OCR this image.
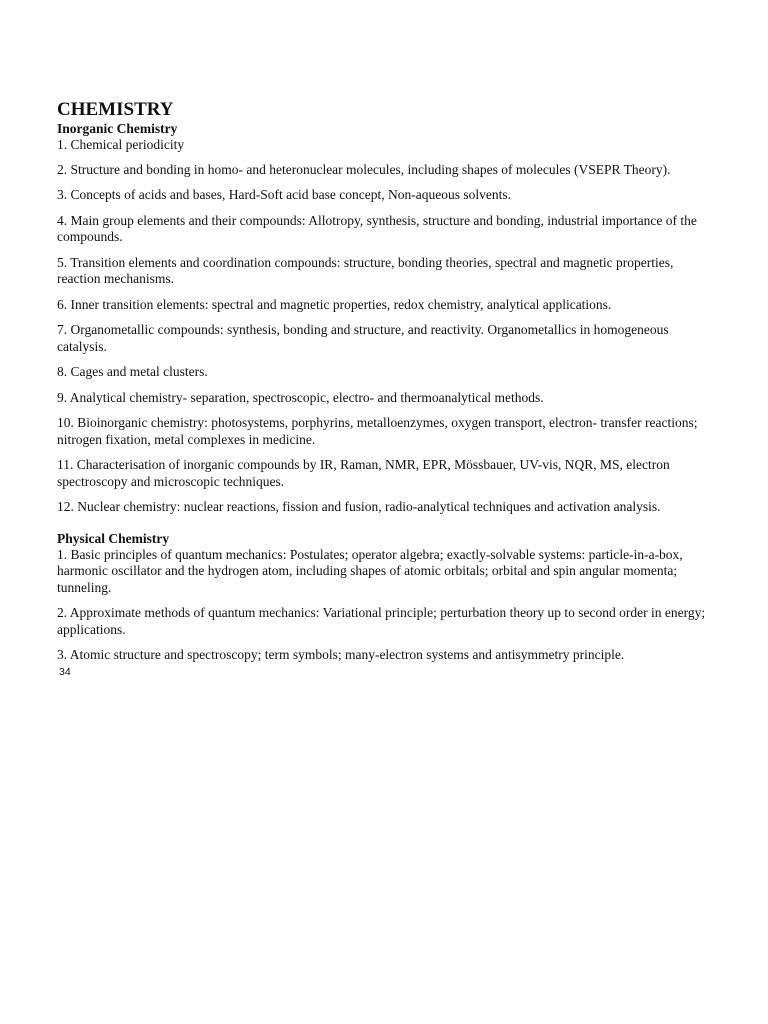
CHEMISTRY
Inorganic Chemistry

1. Chemical periodicity

2. Structure and bonding in homo- and heteronuclear molecules, including shapes of molecules (VSEPR Theory).

3. Concepts of acids and bases, Hard-Soft acid base concept, Non-aqueous solvents.

4. Main group elements and their compounds: Allotropy, synthesis, structure and bonding, industrial importance of the compounds.

5. Transition elements and coordination compounds: structure, bonding theories, spectral and magnetic properties, reaction mechanisms.

6. Inner transition elements: spectral and magnetic properties, redox chemistry, analytical applications.

7. Organometallic compounds: synthesis, bonding and structure, and reactivity. Organometallics in homogeneous catalysis.

8. Cages and metal clusters.

9. Analytical chemistry- separation, spectroscopic, electro- and thermoanalytical methods.

10. Bioinorganic chemistry: photosystems, porphyrins, metalloenzymes, oxygen transport, electron- transfer reactions; nitrogen fixation, metal complexes in medicine.

11. Characterisation of inorganic compounds by IR, Raman, NMR, EPR, Mössbauer, UV-vis, NQR, MS, electron spectroscopy and microscopic techniques.

12. Nuclear chemistry: nuclear reactions, fission and fusion, radio-analytical techniques and activation analysis.

Physical Chemistry

1. Basic principles of quantum mechanics: Postulates; operator algebra; exactly-solvable systems: particle-in-a-box, harmonic oscillator and the hydrogen atom, including shapes of atomic orbitals; orbital and spin angular momenta; tunneling.

2. Approximate methods of quantum mechanics: Variational principle; perturbation theory up to second order in energy; applications.

3. Atomic structure and spectroscopy; term symbols; many-electron systems and antisymmetry principle.

34
